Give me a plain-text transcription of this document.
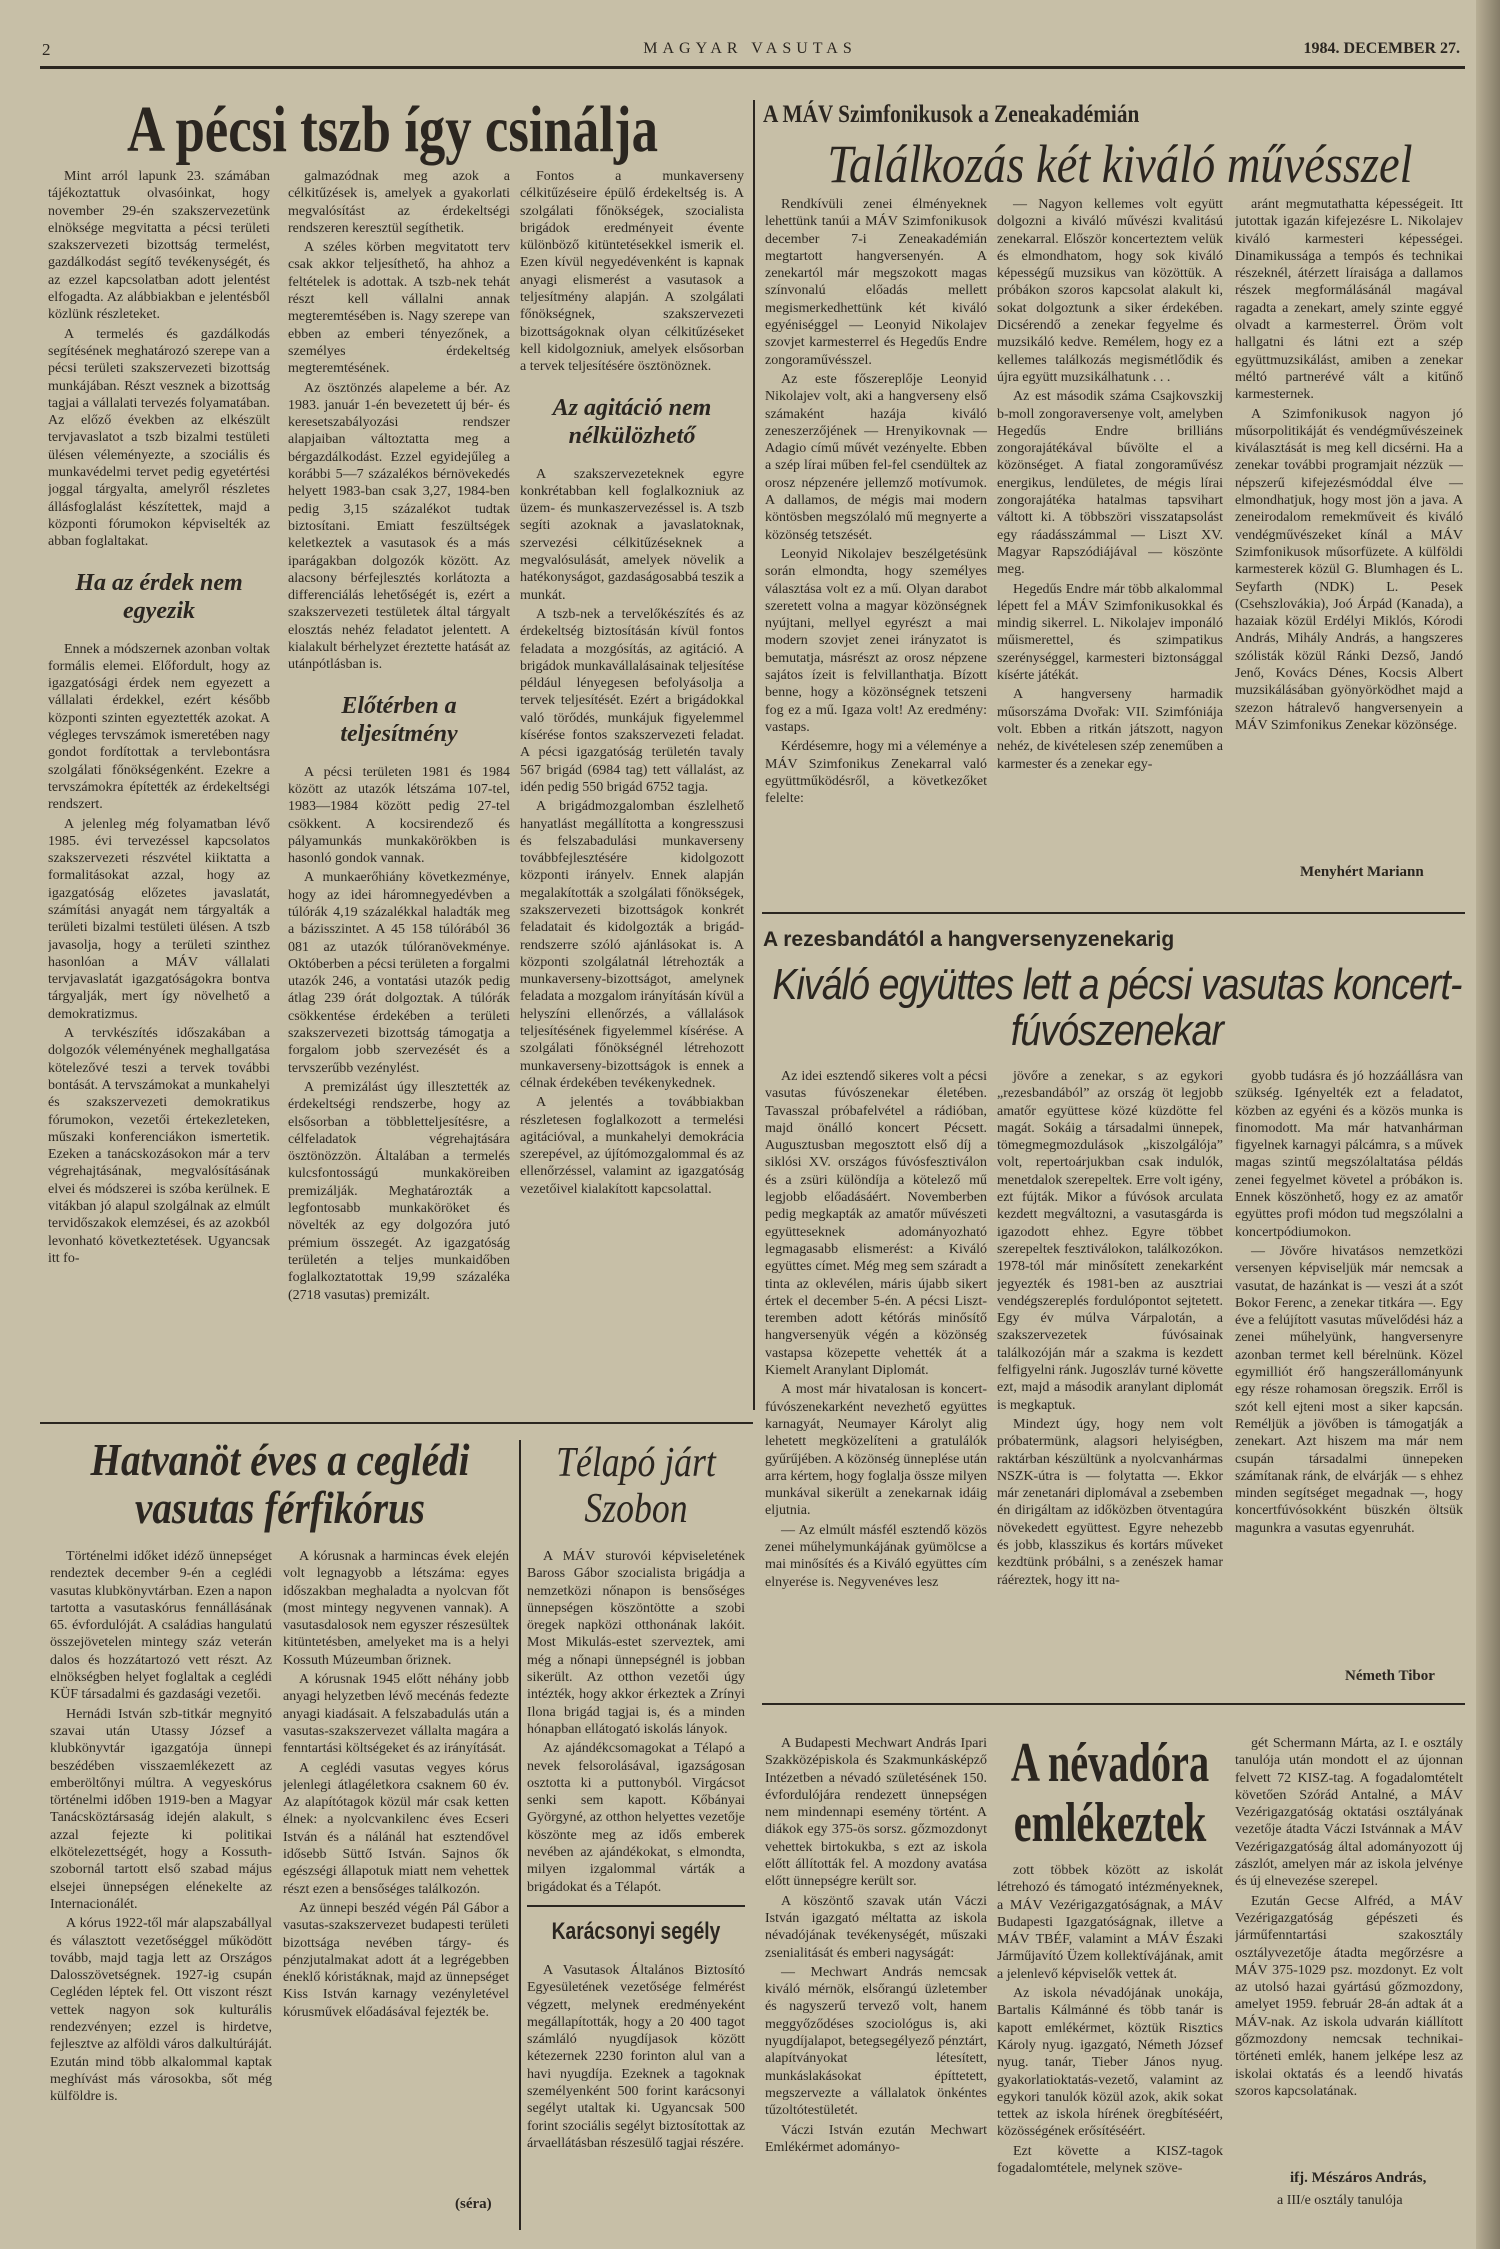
2	MAGYAR VASUTAS	1984. DECEMBER 27.
A pécsi tszb így csinálja

Mint arról lapunk 23. számában tájékoztattuk olvasóinkat, hogy november 29-én szakszervezetünk elnöksége megvitatta a pécsi területi szakszervezeti bizottság termelést, gazdálkodást segítő tevékenységét, és az ezzel kapcsolatban adott jelentést elfogadta. Az alábbiakban e jelentésből közlünk részleteket.

A termelés és gazdálkodás segítésének meghatározó szerepe van a pécsi területi szakszervezeti bizottság munkájában. Részt vesznek a bizottság tagjai a vállalati tervezés folyamatában. Az előző években az elkészült tervjavaslatot a tszb bizalmi testületi ülésen véleményezte, a szociális és munkavédelmi tervet pedig egyetértési joggal tárgyalta, amelyről részletes állásfoglalást készítettek, majd a központi fórumokon képviselték az abban foglaltakat.

Ha az érdek nem egyezik

Ennek a módszernek azonban voltak formális elemei. Előfordult, hogy az igazgatósági érdek nem egyezett a vállalati érdekkel, ezért később központi szinten egyeztették azokat. A végleges tervszámok ismeretében nagy gondot fordítottak a tervlebontásra szolgálati főnökségenként. Ezekre a tervszámokra építették az érdekeltségi rendszert.

A jelenleg még folyamatban lévő 1985. évi tervezéssel kapcsolatos szakszervezeti részvétel kiiktatta a formalitásokat azzal, hogy az igazgatóság előzetes javaslatát, számítási anyagát nem tárgyalták a területi bizalmi testületi ülésen. A tszb javasolja, hogy a területi szinthez hasonlóan a MÁV vállalati tervjavaslatát igazgatóságokra bontva tárgyalják, mert így növelhető a demokratizmus.

A tervkészítés időszakában a dolgozók véleményének meghallgatása kötelezővé teszi a tervek további bontását. A tervszámokat a munkahelyi és szakszervezeti demokratikus fórumokon, vezetői értekezleteken, műszaki konferenciákon ismertetik. Ezeken a tanácskozásokon már a terv végrehajtásának, megvalósításának elvei és módszerei is szóba kerülnek. E vitákban jó alapul szolgálnak az elmúlt tervidőszakok elemzései, és az azokból levonható következtetések. Ugyancsak itt fo-

galmazódnak meg azok a célkitűzések is, amelyek a gyakorlati megvalósítást az érdekeltségi rendszeren keresztül segíthetik.

A széles körben megvitatott terv csak akkor teljesíthető, ha ahhoz a feltételek is adottak. A tszb-nek tehát részt kell vállalni annak megteremtésében is. Nagy szerepe van ebben az emberi tényezőnek, a személyes érdekeltség megteremtésének.

Az ösztönzés alapeleme a bér. Az 1983. január 1-én bevezetett új bér- és keresetszabályozási rendszer alapjaiban változtatta meg a bérgazdálkodást. Ezzel egyidejűleg a korábbi 5—7 százalékos bérnövekedés helyett 1983-ban csak 3,27, 1984-ben pedig 3,15 százalékot tudtak biztosítani. Emiatt feszültségek keletkeztek a vasutasok és a más iparágakban dolgozók között. Az alacsony bérfejlesztés korlátozta a differenciálás lehetőségét is, ezért a szakszervezeti testületek által tárgyalt elosztás nehéz feladatot jelentett. A kialakult bérhelyzet éreztette hatását az utánpótlásban is.

Előtérben a teljesítmény

A pécsi területen 1981 és 1984 között az utazók létszáma 107-tel, 1983—1984 között pedig 27-tel csökkent. A kocsirendező és pályamunkás munkakörökben is hasonló gondok vannak.

A munkaerőhiány következménye, hogy az idei háromnegyedévben a túlórák 4,19 százalékkal haladták meg a bázisszintet. A 45 158 túlórából 36 081 az utazók túlóranövekménye. Októberben a pécsi területen a forgalmi utazók 246, a vontatási utazók pedig átlag 239 órát dolgoztak. A túlórák csökkentése érdekében a területi szakszervezeti bizottság támogatja a forgalom jobb szervezését és a tervszerűbb vezénylést.

A premizálást úgy illesztették az érdekeltségi rendszerbe, hogy az elsősorban a többletteljesítésre, a célfeladatok végrehajtására ösztönözzön. Általában a termelés kulcsfontosságú munkaköreiben premizálják. Meghatározták a legfontosabb munkaköröket és növelték az egy dolgozóra jutó prémium összegét. Az igazgatóság területén a teljes munkaidőben foglalkoztatottak 19,99 százaléka (2718 vasutas) premizált.

Fontos a munkaverseny célkitűzéseire épülő érdekeltség is. A szolgálati főnökségek, szocialista brigádok eredményeit évente különböző kitüntetésekkel ismerik el. Ezen kívül negyedévenként is kapnak anyagi elismerést a vasutasok a teljesítmény alapján. A szolgálati főnökségnek, szakszervezeti bizottságoknak olyan célkitűzéseket kell kidolgozniuk, amelyek elsősorban a tervek teljesítésére ösztönöznek.

Az agitáció nem nélkülözhető

A szakszervezeteknek egyre konkrétabban kell foglalkozniuk az üzem- és munkaszervezéssel is. A tszb segíti azoknak a javaslatoknak, szervezési célkitűzéseknek a megvalósulását, amelyek növelik a hatékonyságot, gazdaságosabbá teszik a munkát.

A tszb-nek a tervelőkészítés és az érdekeltség biztosításán kívül fontos feladata a mozgósítás, az agitáció. A brigádok munkavállalásainak teljesítése például lényegesen befolyásolja a tervek teljesítését. Ezért a brigádokkal való törődés, munkájuk figyelemmel kísérése fontos szakszervezeti feladat. A pécsi igazgatóság területén tavaly 567 brigád (6984 tag) tett vállalást, az idén pedig 550 brigád 6752 tagja.

A brigádmozgalomban észlelhető hanyatlást megállította a kongresszusi és felszabadulási munkaverseny továbbfejlesztésére kidolgozott központi irányelv. Ennek alapján megalakították a szolgálati főnökségek, szakszervezeti bizottságok konkrét feladatait és kidolgozták a brigád-rendszerre szóló ajánlásokat is. A központi szolgálatnál létrehozták a munkaverseny-bizottságot, amelynek feladata a mozgalom irányításán kívül a helyszíni ellenőrzés, a vállalások teljesítésének figyelemmel kísérése. A szolgálati főnökségnél létrehozott munkaverseny-bizottságok is ennek a célnak érdekében tevékenykednek.

A jelentés a továbbiakban részletesen foglalkozott a termelési agitációval, a munkahelyi demokrácia szerepével, az újítómozgalommal és az ellenőrzéssel, valamint az igazgatóság vezetőivel kialakított kapcsolattal.

A MÁV Szimfonikusok a Zeneakadémián
Találkozás két kiváló művésszel

Rendkívüli zenei élményeknek lehettünk tanúi a MÁV Szimfonikusok december 7-i Zeneakadémián megtartott hangversenyén. A zenekartól már megszokott magas színvonalú előadás mellett megismerkedhettünk két kiváló egyéniséggel — Leonyid Nikolajev szovjet karmesterrel és Hegedűs Endre zongoraművésszel.

Az este főszereplője Leonyid Nikolajev volt, aki a hangverseny első számaként hazája kiváló zeneszerzőjének — Hrenyikovnak — Adagio című művét vezényelte. Ebben a szép lírai műben fel-fel csendültek az orosz népzenére jellemző motívumok. A dallamos, de mégis mai modern köntösben megszólaló mű megnyerte a közönség tetszését.

Leonyid Nikolajev beszélgetésünk során elmondta, hogy személyes választása volt ez a mű. Olyan darabot szeretett volna a magyar közönségnek nyújtani, mellyel egyrészt a mai modern szovjet zenei irányzatot is bemutatja, másrészt az orosz népzene sajátos ízeit is felvillanthatja. Bízott benne, hogy a közönségnek tetszeni fog ez a mű. Igaza volt! Az eredmény: vastaps.

Kérdésemre, hogy mi a véleménye a MÁV Szimfonikus Zenekarral való együttműködésről, a következőket felelte:

— Nagyon kellemes volt együtt dolgozni a kiváló művészi kvalitású zenekarral. Először koncerteztem velük és elmondhatom, hogy sok kiváló képességű muzsikus van közöttük. A próbákon szoros kapcsolat alakult ki, sokat dolgoztunk a siker érdekében. Dicsérendő a zenekar fegyelme és muzsikáló kedve. Remélem, hogy ez a kellemes találkozás megismétlődik és újra együtt muzsikálhatunk . . .

Az est második száma Csajkovszkij b-moll zongoraversenye volt, amelyben Hegedűs Endre brilliáns zongorajátékával bűvölte el a közönséget. A fiatal zongoraművész energikus, lendületes, de mégis lírai zongorajátéka hatalmas tapsvihart váltott ki. A többszöri visszatapsolást egy ráadásszámmal — Liszt XV. Magyar Rapszódiájával — köszönte meg.

Hegedűs Endre már több alkalommal lépett fel a MÁV Szimfonikusokkal és mindig sikerrel. L. Nikolajev imponáló műismerettel, és szimpatikus szerénységgel, karmesteri biztonsággal kísérte játékát.

A hangverseny harmadik műsorszáma Dvořak: VII. Szimfóniája volt. Ebben a ritkán játszott, nagyon nehéz, de kivételesen szép zeneműben a karmester és a zenekar egy-

aránt megmutathatta képességeit. Itt jutottak igazán kifejezésre L. Nikolajev kiváló karmesteri képességei. Dinamikussága a tempós és technikai részeknél, átérzett líraisága a dallamos részek megformálásánál magával ragadta a zenekart, amely szinte eggyé olvadt a karmesterrel. Öröm volt hallgatni és látni ezt a szép együttmuzsikálást, amiben a zenekar méltó partnerévé vált a kitűnő karmesternek.

A Szimfonikusok nagyon jó műsorpolitikáját és vendégművészeinek kiválasztását is meg kell dicsérni. Ha a zenekar további programjait nézzük — népszerű kifejezésmóddal élve — elmondhatjuk, hogy most jön a java. A zeneirodalom remekműveit és kiváló vendégművészeket kínál a MÁV Szimfonikusok műsorfüzete. A külföldi karmesterek közül G. Blumhagen és L. Seyfarth (NDK) L. Pesek (Csehszlovákia), Joó Árpád (Kanada), a hazaiak közül Erdélyi Miklós, Kórodi András, Mihály András, a hangszeres szólisták közül Ránki Dezső, Jandó Jenő, Kovács Dénes, Kocsis Albert muzsikálásában gyönyörködhet majd a szezon hátralevő hangversenyein a MÁV Szimfonikus Zenekar közönsége.

Menyhért Mariann
A rezesbandától a hangversenyzenekarig
Kiváló együttes lett a pécsi vasutas koncert-fúvószenekar

Az idei esztendő sikeres volt a pécsi vasutas fúvószenekar életében. Tavasszal próbafelvétel a rádióban, majd önálló koncert Pécsett. Augusztusban megosztott első díj a siklósi XV. országos fúvósfesztiválon és a zsüri különdíja a kötelező mű legjobb előadásáért. Novemberben pedig megkapták az amatőr művészeti együtteseknek adományozható legmagasabb elismerést: a Kiváló együttes címet. Még meg sem száradt a tinta az oklevélen, máris újabb sikert értek el december 5-én. A pécsi Liszt-teremben adott kétórás minősítő hangversenyük végén a közönség vastapsa közepette vehették át a Kiemelt Aranylant Diplomát.

A most már hivatalosan is koncert-fúvószenekarként nevezhető együttes karnagyát, Neumayer Károlyt alig lehetett megközelíteni a gratulálók gyűrűjében. A közönség ünneplése után arra kértem, hogy foglalja össze milyen munkával sikerült a zenekarnak idáig eljutnia.

— Az elmúlt másfél esztendő közös zenei műhelymunkájának gyümölcse a mai minősítés és a Kiváló együttes cím elnyerése is. Negyvenéves lesz

jövőre a zenekar, s az egykori „rezesbandából” az ország öt legjobb amatőr együttese közé küzdötte fel magát. Sokáig a társadalmi ünnepek, tömegmegmozdulások „kiszolgálója” volt, repertoárjukban csak indulók, menetdalok szerepeltek. Erre volt igény, ezt fújták. Mikor a fúvósok arculata kezdett megváltozni, a vasutasgárda is igazodott ehhez. Egyre többet szerepeltek fesztiválokon, találkozókon. 1978-tól már minősített zenekarként jegyezték és 1981-ben az ausztriai vendégszereplés fordulópontot sejtetett. Egy év múlva Várpalotán, a szakszervezetek fúvósainak találkozóján már a szakma is kezdett felfigyelni ránk. Jugoszláv turné követte ezt, majd a második aranylant diplomát is megkaptuk.

Mindezt úgy, hogy nem volt próbatermünk, alagsori helyiségben, raktárban készültünk a nyolcvanhármas NSZK-útra is — folytatta —. Ekkor már zenetanári diplomával a zsebemben én dirigáltam az időközben ötventagúra növekedett együttest. Egyre nehezebb és jobb, klasszikus és kortárs műveket kezdtünk próbálni, s a zenészek hamar ráéreztek, hogy itt na-

gyobb tudásra és jó hozzáállásra van szükség. Igényelték ezt a feladatot, közben az egyéni és a közös munka is finomodott. Ma már hatvanhárman figyelnek karnagyi pálcámra, s a művek magas szintű megszólaltatása példás zenei fegyelmet követel a próbákon is. Ennek köszönhető, hogy ez az amatőr együttes profi módon tud megszólalni a koncertpódiumokon.

— Jövőre hivatásos nemzetközi versenyen képviseljük már nemcsak a vasutat, de hazánkat is — veszi át a szót Bokor Ferenc, a zenekar titkára —. Egy éve a felújított vasutas művelődési ház a zenei műhelyünk, hangversenyre azonban termet kell bérelnünk. Közel egymilliót érő hangszerállományunk egy része rohamosan öregszik. Erről is szót kell ejteni most a siker kapcsán. Reméljük a jövőben is támogatják a zenekart. Azt hiszem ma már nem csupán társadalmi ünnepeken számítanak ránk, de elvárják — s ehhez minden segítséget megadnak —, hogy koncertfúvósokként büszkén öltsük magunkra a vasutas egyenruhát.

Németh Tibor
A névadóra emlékeztek

A Budapesti Mechwart András Ipari Szakközépiskola és Szakmunkásképző Intézetben a névadó születésének 150. évfordulójára rendezett ünnepségen nem mindennapi esemény történt. A diákok egy 375-ös sorsz. gőzmozdonyt vehettek birtokukba, s ezt az iskola előtt állították fel. A mozdony avatása előtt ünnepségre került sor.

A köszöntő szavak után Váczi István igazgató méltatta az iskola névadójának tevékenységét, műszaki zsenialitását és emberi nagyságát:

— Mechwart András nemcsak kiváló mérnök, elsőrangú üzletember és nagyszerű tervező volt, hanem meggyőződéses szociológus is, aki nyugdíjalapot, betegsegélyező pénztárt, alapítványokat létesített, munkáslakásokat építtetett, megszervezte a vállalatok önkéntes tűzoltótestületét.

Váczi István ezután Mechwart Emlékérmet adományo-

zott többek között az iskolát létrehozó és támogató intézményeknek, a MÁV Vezérigazgatóságnak, a MÁV Budapesti Igazgatóságnak, illetve a MÁV TBÉF, valamint a MÁV Északi Járműjavító Üzem kollektívájának, amit a jelenlevő képviselők vettek át.

Az iskola névadójának unokája, Bartalis Kálmánné és több tanár is kapott emlékérmet, köztük Risztics Károly nyug. igazgató, Németh József nyug. tanár, Tieber János nyug. gyakorlatioktatás-vezető, valamint az egykori tanulók közül azok, akik sokat tettek az iskola hírének öregbítéséért, közösségének erősítéséért.

Ezt követte a KISZ-tagok fogadalomtétele, melynek szöve-

gét Schermann Márta, az I. e osztály tanulója után mondott el az újonnan felvett 72 KISZ-tag. A fogadalomtételt követően Szórád Antalné, a MÁV Vezérigazgatóság oktatási osztályának vezetője átadta Váczi Istvánnak a MÁV Vezérigazgatóság által adományozott új zászlót, amelyen már az iskola jelvénye és új elnevezése szerepel.

Ezután Gecse Alfréd, a MÁV Vezérigazgatóság gépészeti és járműfenntartási szakosztály osztályvezetője átadta megőrzésre a MÁV 375-1029 psz. mozdonyt. Ez volt az utolsó hazai gyártású gőzmozdony, amelyet 1959. február 28-án adtak át a MÁV-nak. Az iskola udvarán kiállított gőzmozdony nemcsak technikai-történeti emlék, hanem jelképe lesz az iskolai oktatás és a leendő hivatás szoros kapcsolatának.

ifj. Mészáros András,
a III/e osztály tanulója
Hatvanöt éves a ceglédi vasutas férfikórus

Történelmi időket idéző ünnepséget rendeztek december 9-én a ceglédi vasutas klubkönyvtárban. Ezen a napon tartotta a vasutaskórus fennállásának 65. évfordulóját. A családias hangulatú összejövetelen mintegy száz veterán dalos és hozzátartozó vett részt. Az elnökségben helyet foglaltak a ceglédi KÜF társadalmi és gazdasági vezetői.

Hernádi István szb-titkár megnyitó szavai után Utassy József a klubkönyvtár igazgatója ünnepi beszédében visszaemlékezett az emberöltőnyi múltra. A vegyeskórus történelmi időben 1919-ben a Magyar Tanácsköztársaság idején alakult, s azzal fejezte ki politikai elkötelezettségét, hogy a Kossuth-szobornál tartott első szabad május elsejei ünnepségen elénekelte az Internacionálét.

A kórus 1922-től már alapszabállyal és választott vezetőséggel működött tovább, majd tagja lett az Országos Dalosszövetségnek. 1927-ig csupán Cegléden léptek fel. Ott viszont részt vettek nagyon sok kulturális rendezvényen; ezzel is hirdetve, fejlesztve az alföldi város dalkultúráját. Ezután mind több alkalommal kaptak meghívást más városokba, sőt még külföldre is.

A kórusnak a harmincas évek elején volt legnagyobb a létszáma: egyes időszakban meghaladta a nyolcvan főt (most mintegy negyvenen vannak). A vasutasdalosok nem egyszer részesültek kitüntetésben, amelyeket ma is a helyi Kossuth Múzeumban őriznek.

A kórusnak 1945 előtt néhány jobb anyagi helyzetben lévő mecénás fedezte anyagi kiadásait. A felszabadulás után a vasutas-szakszervezet vállalta magára a fenntartási költségeket és az irányítását.

A ceglédi vasutas vegyes kórus jelenlegi átlagéletkora csaknem 60 év. Az alapítótagok közül már csak ketten élnek: a nyolcvankilenc éves Ecseri István és a nálánál hat esztendővel idősebb Süttő István. Sajnos ők egészségi állapotuk miatt nem vehettek részt ezen a bensőséges találkozón.

Az ünnepi beszéd végén Pál Gábor a vasutas-szakszervezet budapesti területi bizottsága nevében tárgy- és pénzjutalmakat adott át a legrégebben éneklő kóristáknak, majd az ünnepséget Kiss István karnagy vezényletével kórusművek előadásával fejezték be.

(séra)
Télapó járt Szobon

A MÁV sturovói képviseletének Baross Gábor szocialista brigádja a nemzetközi nőnapon is bensőséges ünnepségen köszöntötte a szobi öregek napközi otthonának lakóit. Most Mikulás-estet szerveztek, ami még a nőnapi ünnepségnél is jobban sikerült. Az otthon vezetői úgy intézték, hogy akkor érkeztek a Zrínyi Ilona brigád tagjai is, és a minden hónapban ellátogató iskolás lányok.

Az ajándékcsomagokat a Télapó a nevek felsorolásával, igazságosan osztotta ki a puttonyból. Virgácsot senki sem kapott. Kőbányai Györgyné, az otthon helyettes vezetője köszönte meg az idős emberek nevében az ajándékokat, s elmondta, milyen izgalommal várták a brigádokat és a Télapót.

Karácsonyi segély

A Vasutasok Általános Biztosító Egyesületének vezetősége felmérést végzett, melynek eredményeként megállapították, hogy a 20 400 tagot számláló nyugdíjasok között kétezernek 2230 forinton alul van a havi nyugdíja. Ezeknek a tagoknak személyenként 500 forint karácsonyi segélyt utaltak ki. Ugyancsak 500 forint szociális segélyt biztosítottak az árvaellátásban részesülő tagjai részére.
